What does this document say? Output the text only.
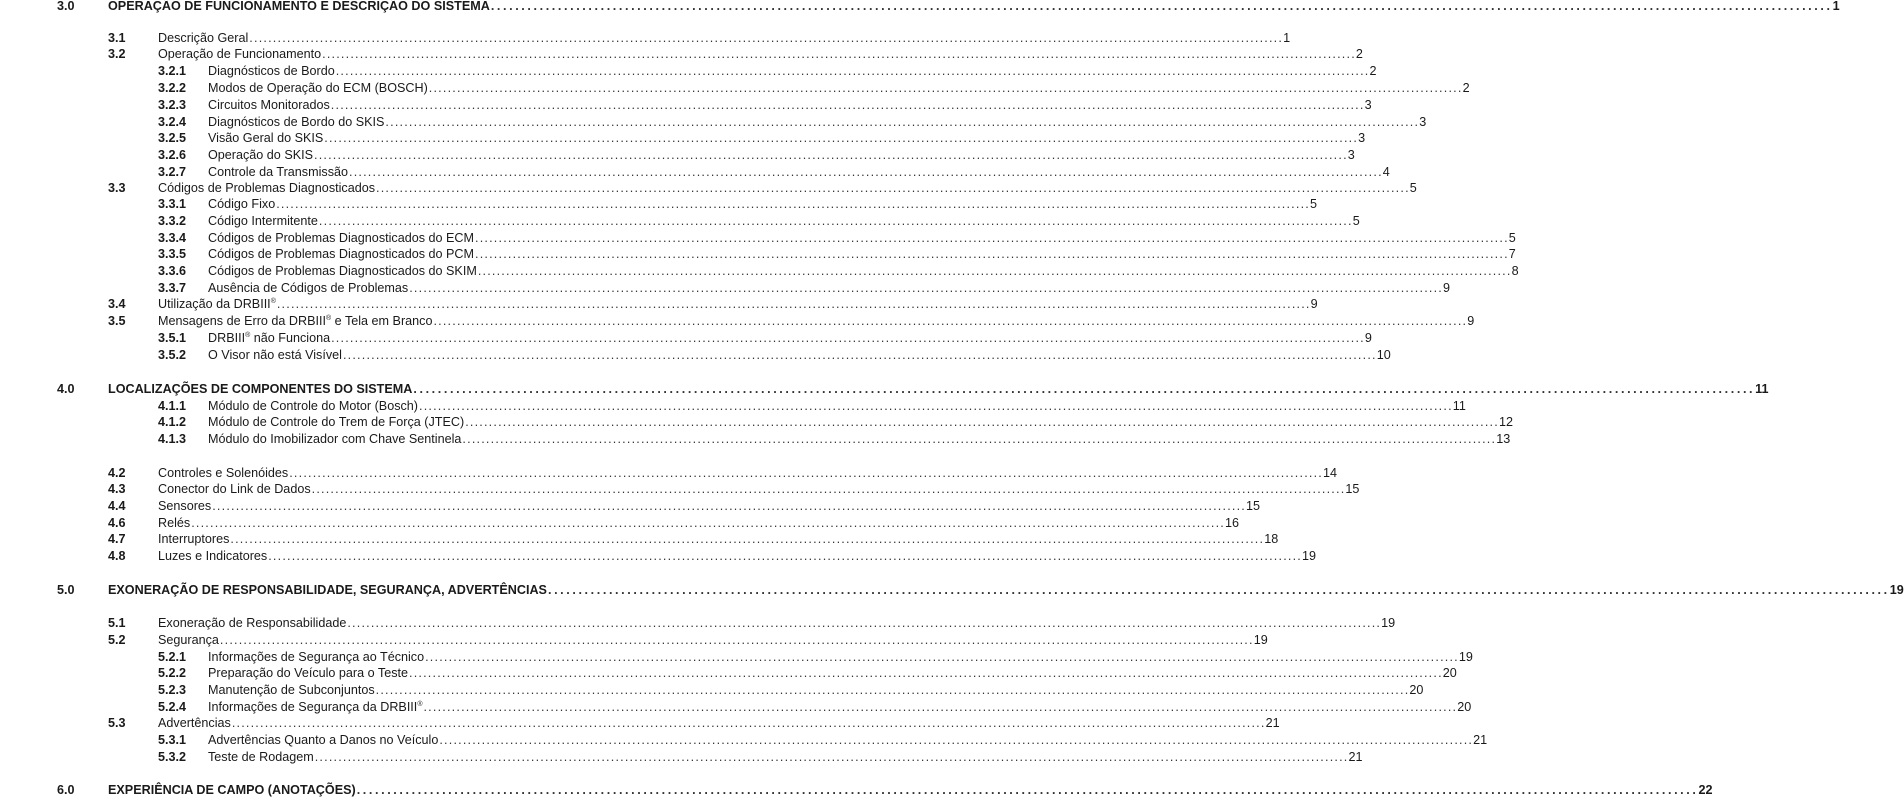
3.0	OPERAÇÃO DE FUNCIONAMENTO E DESCRIÇÃO DO SISTEMA ............................................................................................................................................................................................................................ 1
3.1	Descrição Geral ............................................................................................................................................................................................................................ 1
3.2	Operação de Funcionamento ............................................................................................................................................................................................................................ 2
3.2.1 Diagnósticos de Bordo ............................................................................................................................................................................................................................ 2
3.2.2 Modos de Operação do ECM (BOSCH) ............................................................................................................................................................................................................................ 2
3.2.3 Circuitos Monitorados ............................................................................................................................................................................................................................ 3
3.2.4 Diagnósticos de Bordo do SKIS ............................................................................................................................................................................................................................ 3
3.2.5 Visão Geral do SKIS ............................................................................................................................................................................................................................ 3
3.2.6 Operação do SKIS ............................................................................................................................................................................................................................ 3
3.2.7 Controle da Transmissão ............................................................................................................................................................................................................................ 4
3.3	Códigos de Problemas Diagnosticados ............................................................................................................................................................................................................................ 5
3.3.1 Código Fixo ............................................................................................................................................................................................................................ 5
3.3.2 Código Intermitente ............................................................................................................................................................................................................................ 5
3.3.4 Códigos de Problemas Diagnosticados do ECM ............................................................................................................................................................................................................................ 5
3.3.5 Códigos de Problemas Diagnosticados do PCM ............................................................................................................................................................................................................................ 7
3.3.6 Códigos de Problemas Diagnosticados do SKIM ............................................................................................................................................................................................................................ 8
3.3.7 Ausência de Códigos de Problemas ............................................................................................................................................................................................................................ 9
3.4	Utilização da DRBIII® ............................................................................................................................................................................................................................ 9
3.5	Mensagens de Erro da DRBIII® e Tela em Branco ............................................................................................................................................................................................................................ 9
3.5.1 DRBIII® não Funciona ............................................................................................................................................................................................................................ 9
3.5.2 O Visor não está Visível ............................................................................................................................................................................................................................ 10
4.0	LOCALIZAÇÕES DE COMPONENTES DO SISTEMA ............................................................................................................................................................................................................................ 11
4.1.1 Módulo de Controle do Motor (Bosch) ............................................................................................................................................................................................................................ 11
4.1.2 Módulo de Controle do Trem de Força (JTEC) ............................................................................................................................................................................................................................ 12
4.1.3 Módulo do Imobilizador com Chave Sentinela ............................................................................................................................................................................................................................ 13
4.2	Controles e Solenóides ............................................................................................................................................................................................................................ 14
4.3	Conector do Link de Dados ............................................................................................................................................................................................................................ 15
4.4	Sensores ............................................................................................................................................................................................................................ 15
4.6	Relés ............................................................................................................................................................................................................................ 16
4.7	Interruptores ............................................................................................................................................................................................................................ 18
4.8	Luzes e Indicatores ............................................................................................................................................................................................................................ 19
5.0	EXONERAÇÃO DE RESPONSABILIDADE, SEGURANÇA, ADVERTÊNCIAS ............................................................................................................................................................................................................................ 19
5.1	Exoneração de Responsabilidade ............................................................................................................................................................................................................................ 19
5.2	Segurança ............................................................................................................................................................................................................................ 19
5.2.1 Informações de Segurança ao Técnico ............................................................................................................................................................................................................................ 19
5.2.2 Preparação do Veículo para o Teste ............................................................................................................................................................................................................................ 20
5.2.3 Manutenção de Subconjuntos ............................................................................................................................................................................................................................ 20
5.2.4 Informações de Segurança da DRBIII® ............................................................................................................................................................................................................................ 20
5.3	Advertências ............................................................................................................................................................................................................................ 21
5.3.1 Advertências Quanto a Danos no Veículo ............................................................................................................................................................................................................................ 21
5.3.2 Teste de Rodagem ............................................................................................................................................................................................................................ 21
6.0	EXPERIÊNCIA DE CAMPO (ANOTAÇÕES) ............................................................................................................................................................................................................................ 22
